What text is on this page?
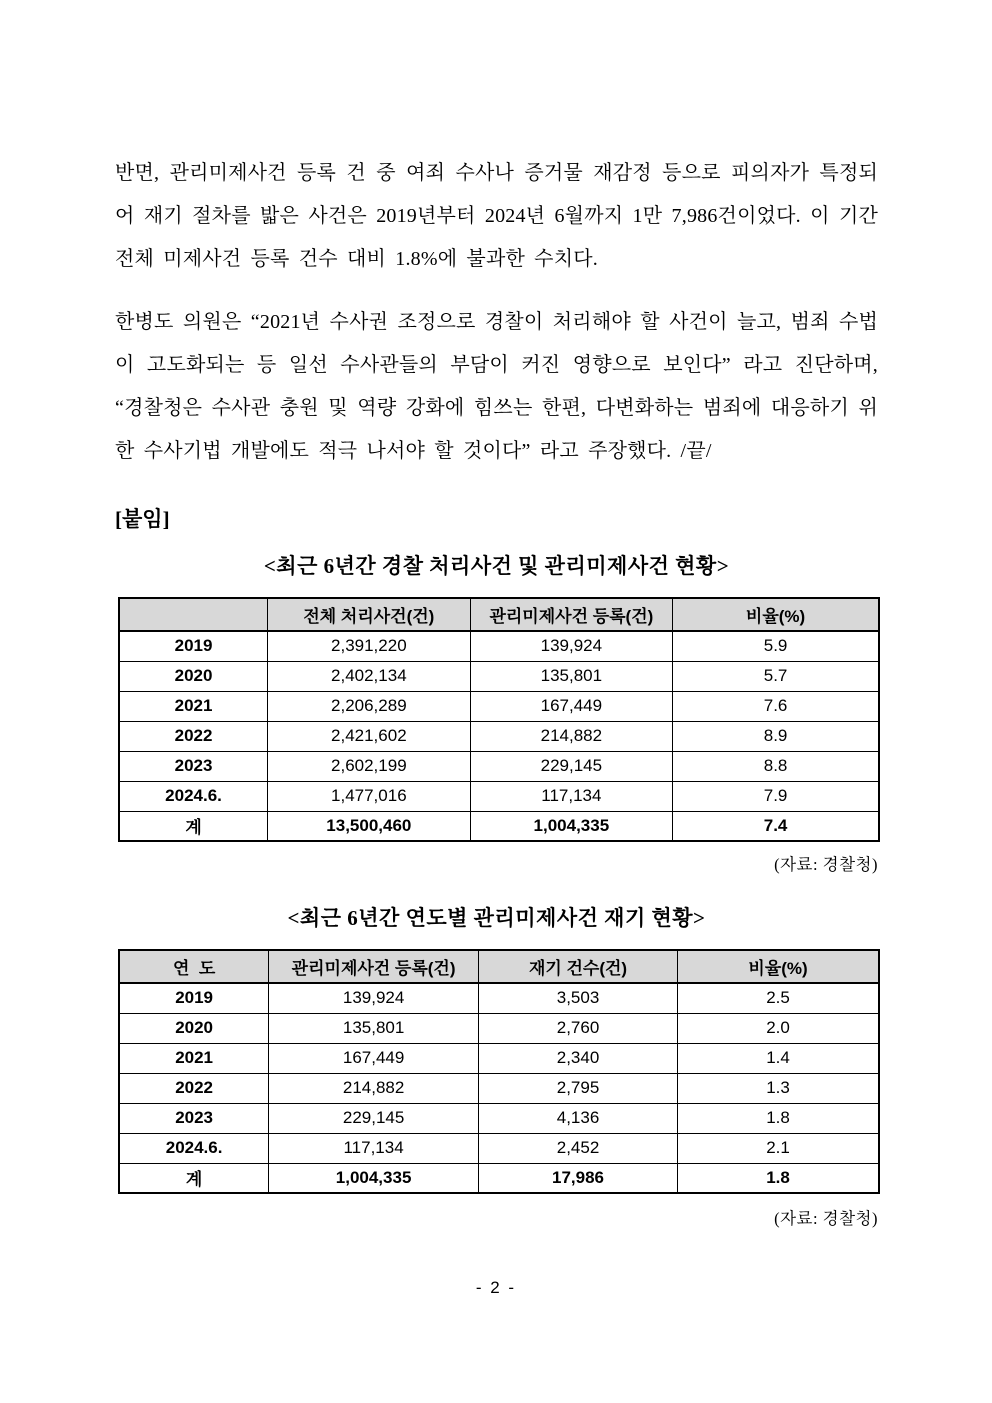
반면, 관리미제사건 등록 건 중 여죄 수사나 증거물 재감정 등으로 피의자가 특정되어 재기 절차를 밟은 사건은 2019년부터 2024년 6월까지 1만 7,986건이었다. 이 기간 전체 미제사건 등록 건수 대비 1.8%에 불과한 수치다.

한병도 의원은 “2021년 수사권 조정으로 경찰이 처리해야 할 사건이 늘고, 범죄 수법이 고도화되는 등 일선 수사관들의 부담이 커진 영향으로 보인다” 라고 진단하며, “경찰청은 수사관 충원 및 역량 강화에 힘쓰는 한편, 다변화하는 범죄에 대응하기 위한 수사기법 개발에도 적극 나서야 할 것이다” 라고 주장했다. /끝/

[붙임]
<최근 6년간 경찰 처리사건 및 관리미제사건 현황>
	전체 처리사건(건)	관리미제사건 등록(건)	비율(%)
2019	2,391,220	139,924	5.9
2020	2,402,134	135,801	5.7
2021	2,206,289	167,449	7.6
2022	2,421,602	214,882	8.9
2023	2,602,199	229,145	8.8
2024.6.	1,477,016	117,134	7.9
계	13,500,460	1,004,335	7.4
(자료: 경찰청)
<최근 6년간 연도별 관리미제사건 재기 현황>
연  도	관리미제사건 등록(건)	재기 건수(건)	비율(%)
2019	139,924	3,503	2.5
2020	135,801	2,760	2.0
2021	167,449	2,340	1.4
2022	214,882	2,795	1.3
2023	229,145	4,136	1.8
2024.6.	117,134	2,452	2.1
계	1,004,335	17,986	1.8
(자료: 경찰청)
- 2 -
